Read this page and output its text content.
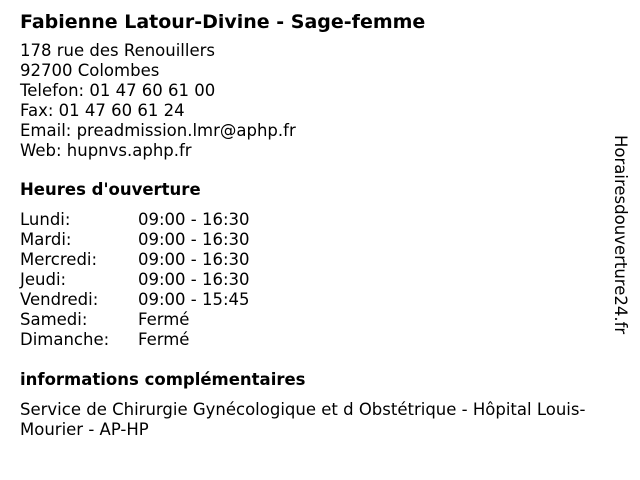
Fabienne Latour-Divine - Sage-femme
178 rue des Renouillers
92700 Colombes
Telefon: 01 47 60 61 00
Fax: 01 47 60 61 24
Email: preadmission.lmr@aphp.fr
Web: hupnvs.aphp.fr
Heures d'ouverture
Lundi:	09:00 - 16:30
Mardi:	09:00 - 16:30
Mercredi:	09:00 - 16:30
Jeudi:	09:00 - 16:30
Vendredi:	09:00 - 15:45
Samedi:	Fermé
Dimanche:	Fermé
informations complémentaires
Service de Chirurgie Gynécologique et d Obstétrique - Hôpital Louis-Mourier - AP-HP
Horairesdouverture24.fr
